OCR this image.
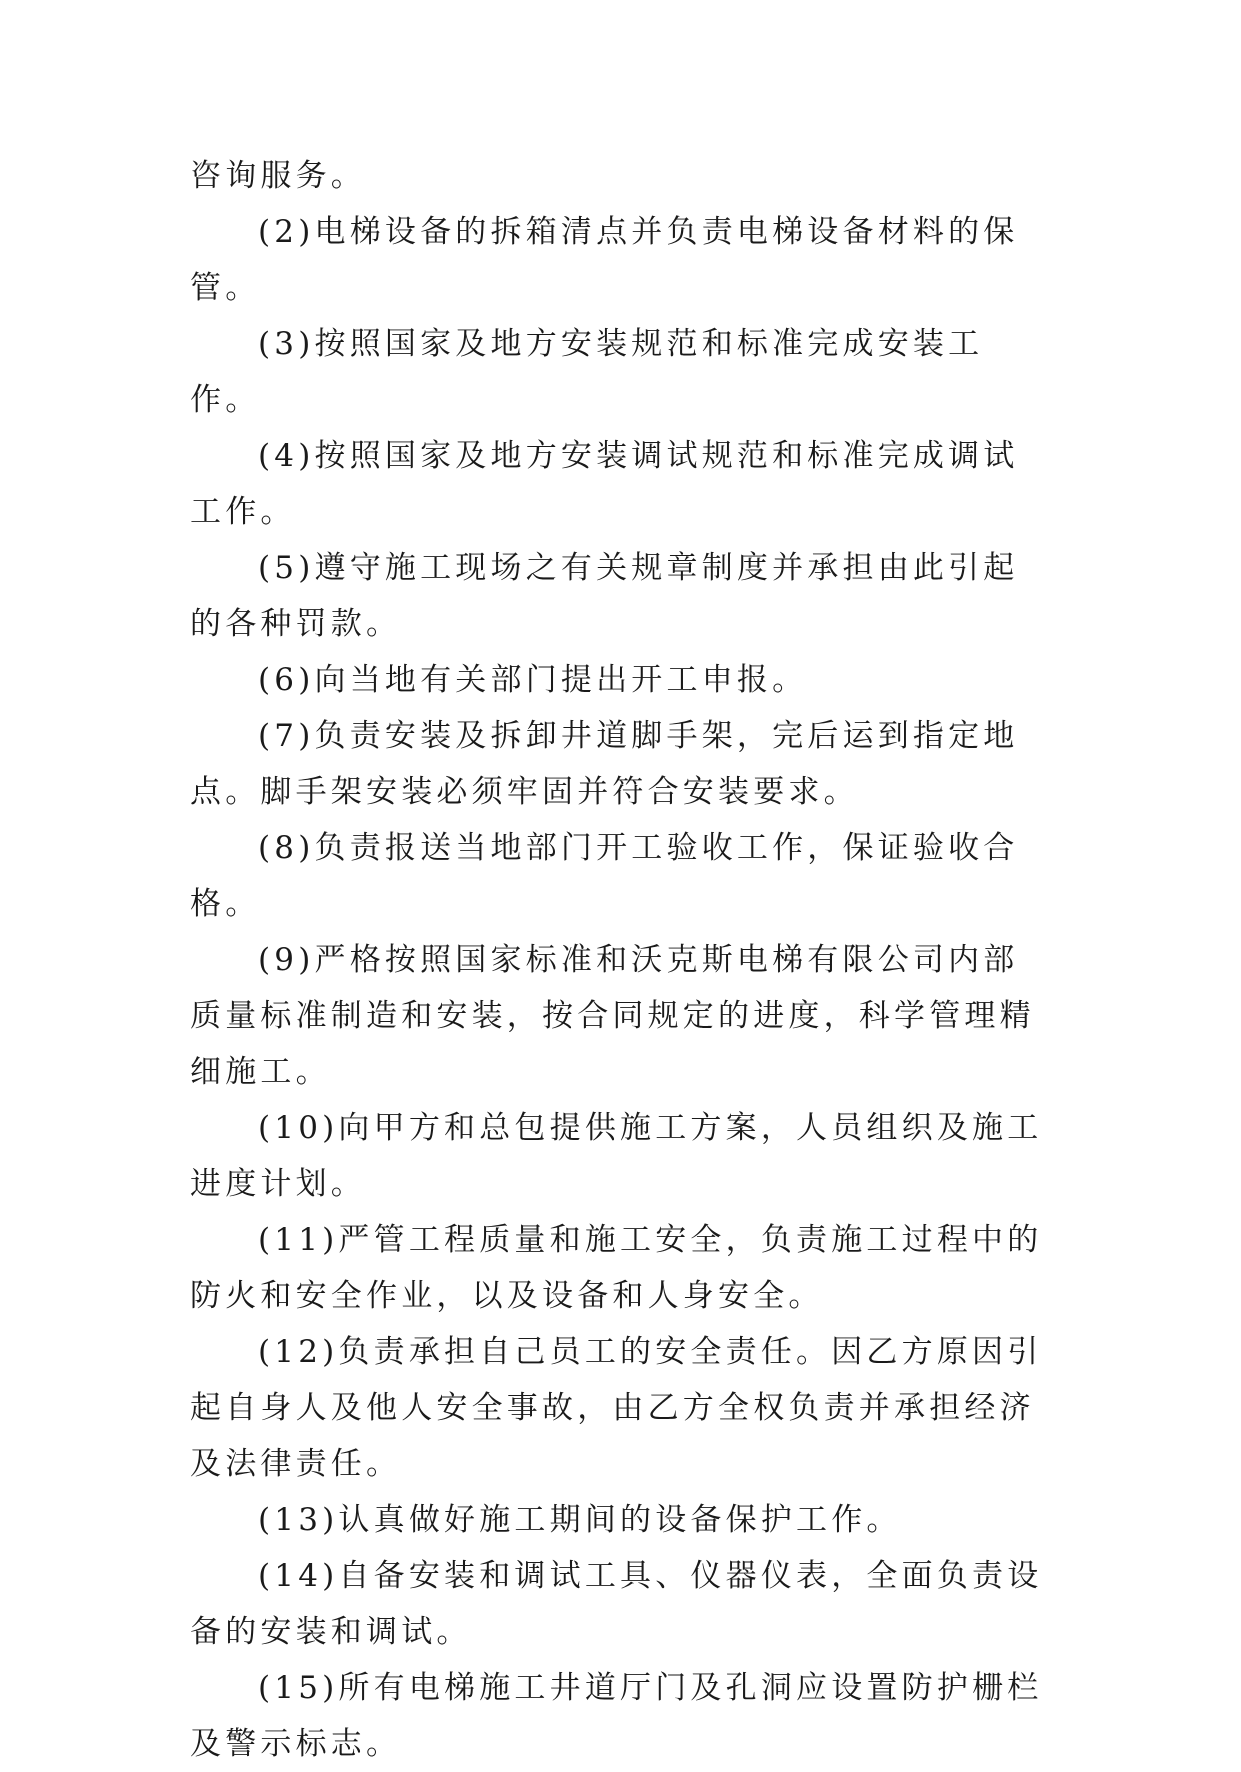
咨询服务。

(2)电梯设备的拆箱清点并负责电梯设备材料的保管。

(3)按照国家及地方安装规范和标准完成安装工作。

(4)按照国家及地方安装调试规范和标准完成调试工作。

(5)遵守施工现场之有关规章制度并承担由此引起的各种罚款。

(6)向当地有关部门提出开工申报。

(7)负责安装及拆卸井道脚手架，完后运到指定地点。脚手架安装必须牢固并符合安装要求。

(8)负责报送当地部门开工验收工作，保证验收合格。

(9)严格按照国家标准和沃克斯电梯有限公司内部质量标准制造和安装，按合同规定的进度，科学管理精细施工。

(10)向甲方和总包提供施工方案，人员组织及施工进度计划。

(11)严管工程质量和施工安全，负责施工过程中的防火和安全作业，以及设备和人身安全。

(12)负责承担自己员工的安全责任。因乙方原因引起自身人及他人安全事故，由乙方全权负责并承担经济及法律责任。

(13)认真做好施工期间的设备保护工作。

(14)自备安装和调试工具、仪器仪表，全面负责设备的安装和调试。

(15)所有电梯施工井道厅门及孔洞应设置防护栅栏及警示标志。
